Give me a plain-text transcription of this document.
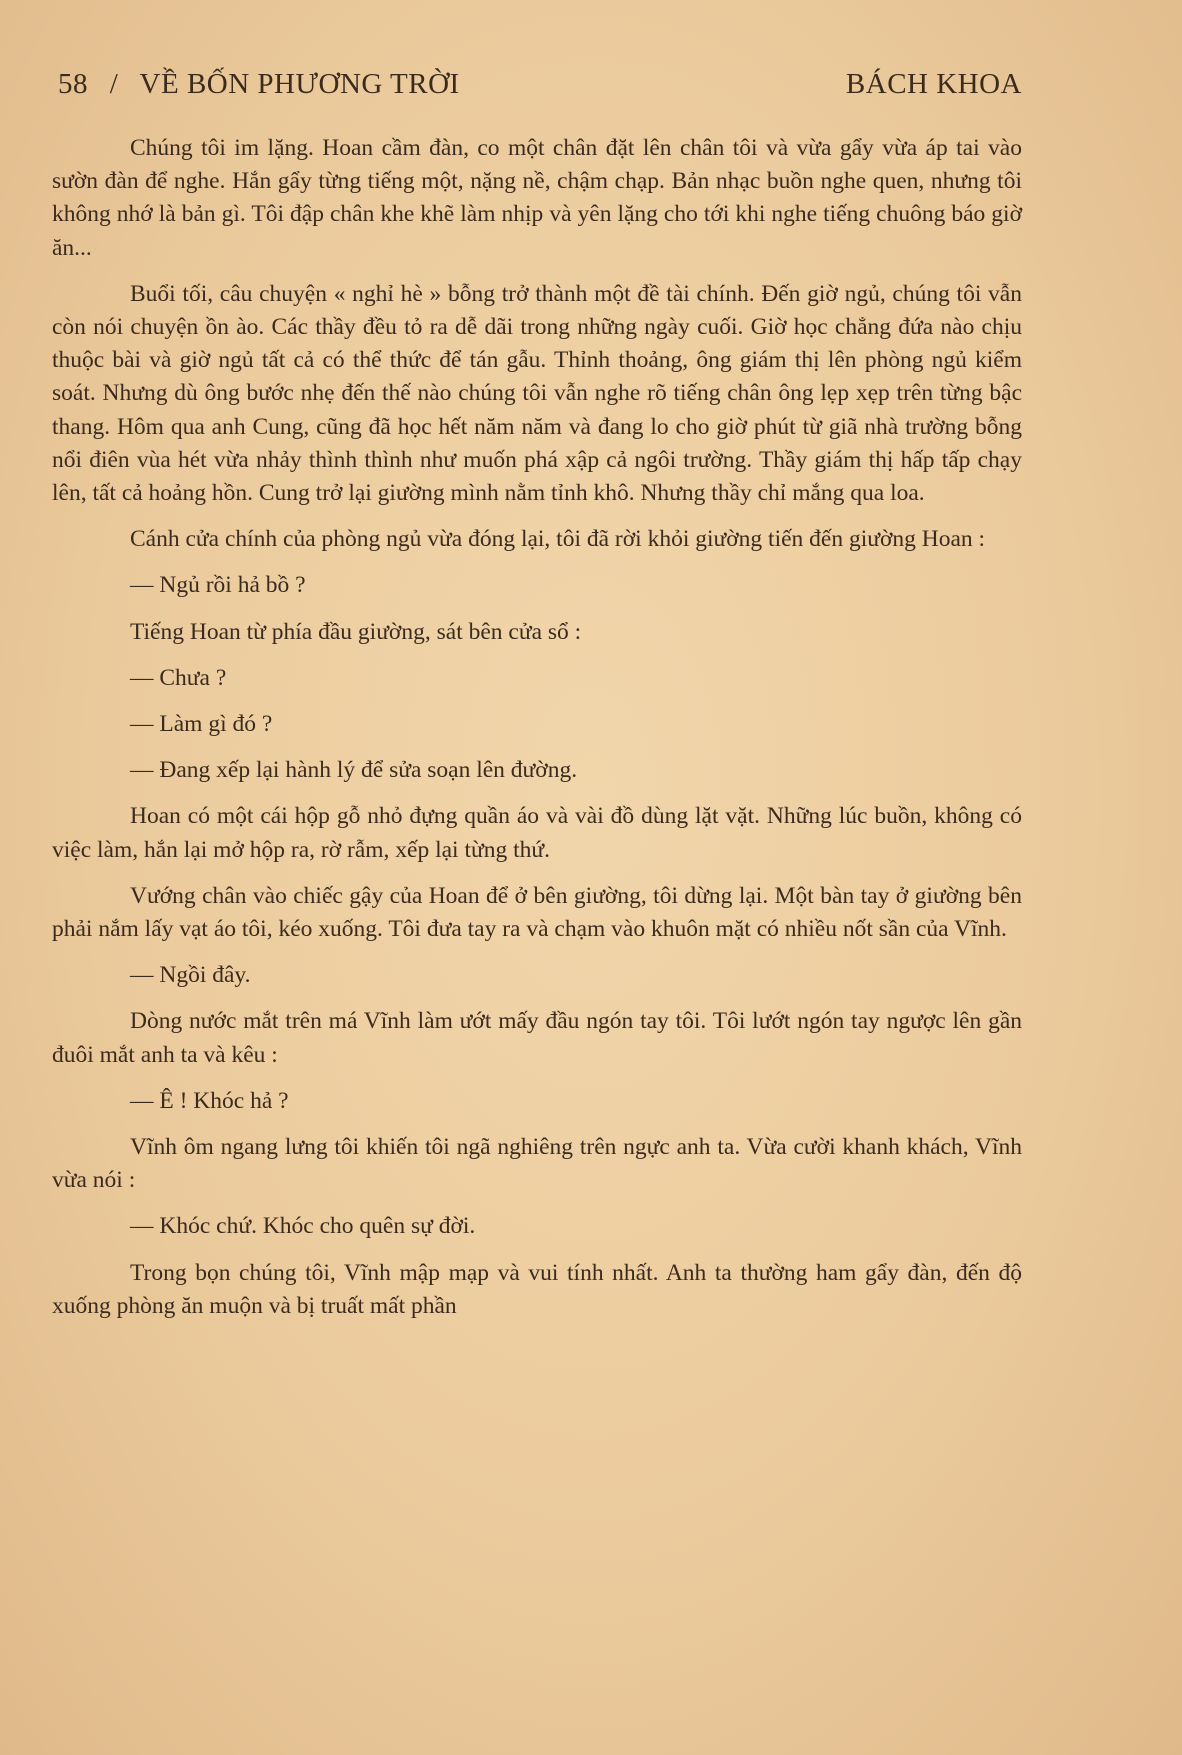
58 / VỀ BỐN PHƯƠNG TRỜI	BÁCH KHOA

Chúng tôi im lặng. Hoan cầm đàn, co một chân đặt lên chân tôi và vừa gẩy vừa áp tai vào sườn đàn để nghe. Hắn gẩy từng tiếng một, nặng nề, chậm chạp. Bản nhạc buồn nghe quen, nhưng tôi không nhớ là bản gì. Tôi đập chân khe khẽ làm nhịp và yên lặng cho tới khi nghe tiếng chuông báo giờ ăn...

Buổi tối, câu chuyện « nghỉ hè » bỗng trở thành một đề tài chính. Đến giờ ngủ, chúng tôi vẫn còn nói chuyện ồn ào. Các thầy đều tỏ ra dễ dãi trong những ngày cuối. Giờ học chẳng đứa nào chịu thuộc bài và giờ ngủ tất cả có thể thức để tán gẫu. Thỉnh thoảng, ông giám thị lên phòng ngủ kiểm soát. Nhưng dù ông bước nhẹ đến thế nào chúng tôi vẫn nghe rõ tiếng chân ông lẹp xẹp trên từng bậc thang. Hôm qua anh Cung, cũng đã học hết năm năm và đang lo cho giờ phút từ giã nhà trường bỗng nổi điên vùa hét vừa nhảy thình thình như muốn phá xập cả ngôi trường. Thầy giám thị hấp tấp chạy lên, tất cả hoảng hồn. Cung trở lại giường mình nằm tỉnh khô. Nhưng thầy chỉ mắng qua loa.

Cánh cửa chính của phòng ngủ vừa đóng lại, tôi đã rời khỏi giường tiến đến giường Hoan :

— Ngủ rồi hả bồ ?

Tiếng Hoan từ phía đầu giường, sát bên cửa sổ :

— Chưa ?

— Làm gì đó ?

— Đang xếp lại hành lý để sửa soạn lên đường.

Hoan có một cái hộp gỗ nhỏ đựng quần áo và vài đồ dùng lặt vặt. Những lúc buồn, không có việc làm, hắn lại mở hộp ra, rờ rẫm, xếp lại từng thứ.

Vướng chân vào chiếc gậy của Hoan để ở bên giường, tôi dừng lại. Một bàn tay ở giường bên phải nắm lấy vạt áo tôi, kéo xuống. Tôi đưa tay ra và chạm vào khuôn mặt có nhiều nốt sần của Vĩnh.

— Ngồi đây.

Dòng nước mắt trên má Vĩnh làm ướt mấy đầu ngón tay tôi. Tôi lướt ngón tay ngược lên gần đuôi mắt anh ta và kêu :

— Ê ! Khóc hả ?

Vĩnh ôm ngang lưng tôi khiến tôi ngã nghiêng trên ngực anh ta. Vừa cười khanh khách, Vĩnh vừa nói :

— Khóc chứ. Khóc cho quên sự đời.

Trong bọn chúng tôi, Vĩnh mập mạp và vui tính nhất. Anh ta thường ham gẩy đàn, đến độ xuống phòng ăn muộn và bị truất mất phần
